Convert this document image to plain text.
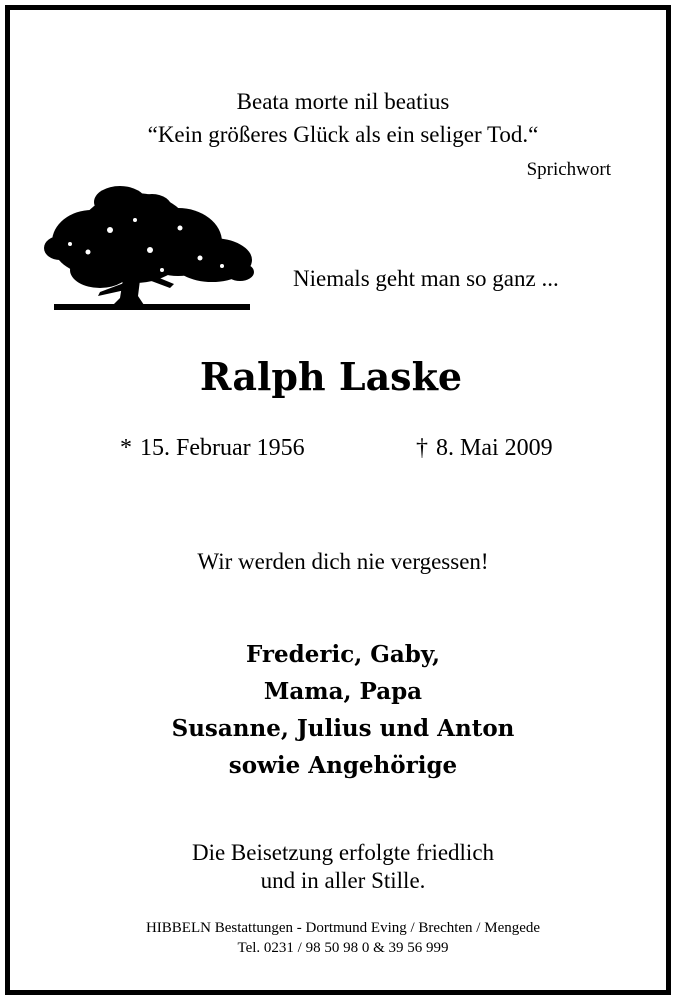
Beata morte nil beatius
“Kein größeres Glück als ein seliger Tod.“
Sprichwort
Niemals geht man so ganz ...
Ralph Laske
* 15. Februar 1956	† 8. Mai 2009
Wir werden dich nie vergessen!
Frederic, Gaby,
Mama, Papa
Susanne, Julius und Anton
sowie Angehörige
Die Beisetzung erfolgte friedlich
und in aller Stille.
HIBBELN Bestattungen - Dortmund Eving / Brechten / Mengede
Tel. 0231 / 98 50 98 0 & 39 56 999
